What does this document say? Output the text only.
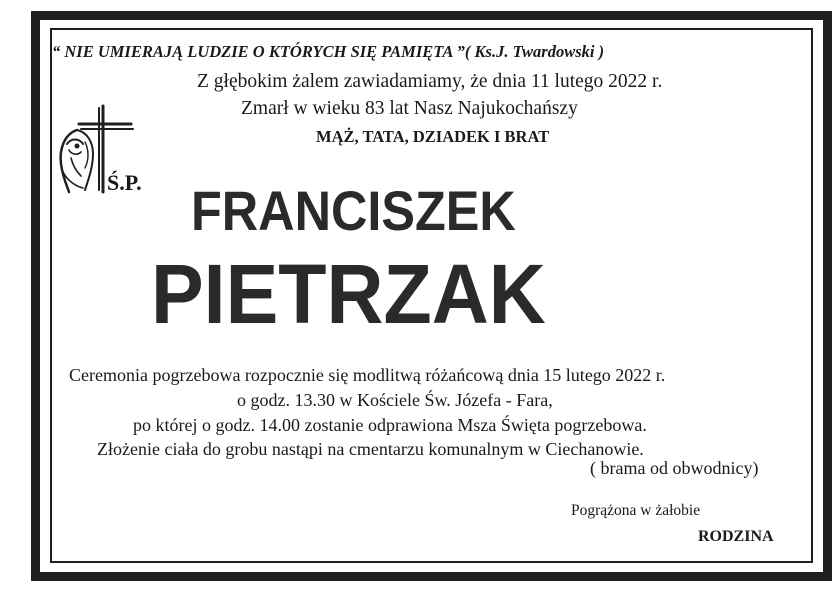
“ NIE UMIERAJĄ LUDZIE O KTÓRYCH SIĘ PAMIĘTA ”( Ks.J. Twardowski )
Z głębokim żalem zawiadamiamy, że dnia 11 lutego 2022 r.
Zmarł w wieku 83 lat Nasz Najukochańszy
MĄŻ, TATA, DZIADEK I BRAT
Ś.P. FRANCISZEK
PIETRZAK
Ceremonia pogrzebowa rozpocznie się modlitwą różańcową dnia 15 lutego 2022 r.
o godz. 13.30 w Kościele Św. Józefa - Fara,
po której o godz. 14.00 zostanie odprawiona Msza Święta pogrzebowa.
Złożenie ciała do grobu nastąpi na cmentarzu komunalnym w Ciechanowie.
( brama od obwodnicy)
Pogrążona w żałobie
RODZINA
